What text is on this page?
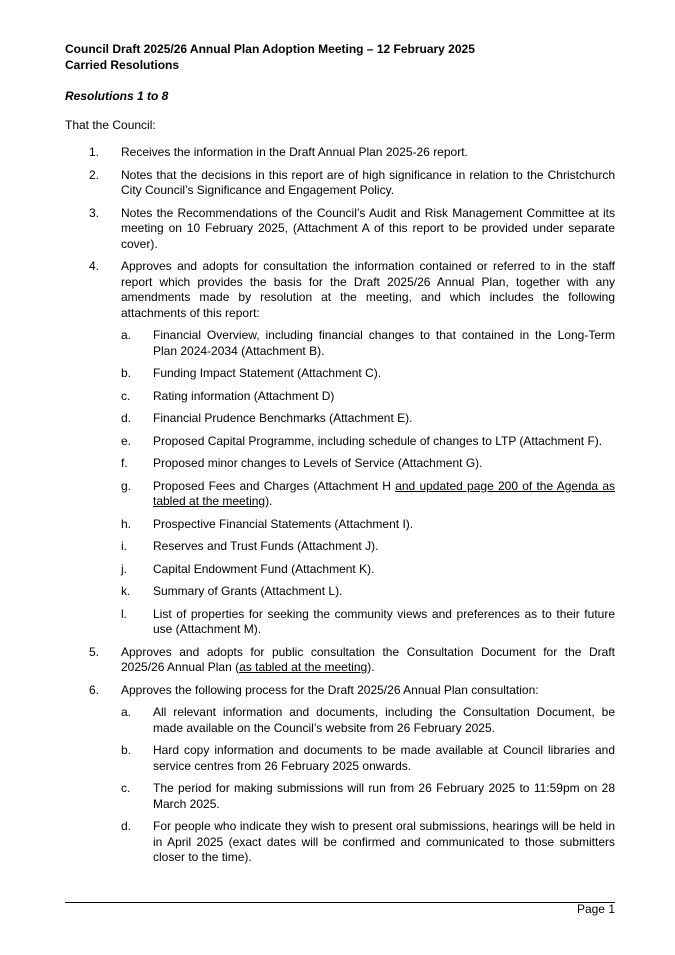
Council Draft 2025/26 Annual Plan Adoption Meeting – 12 February 2025
Carried Resolutions
Resolutions 1 to 8
That the Council:
1.	Receives the information in the Draft Annual Plan 2025-26 report.
2.	Notes that the decisions in this report are of high significance in relation to the Christchurch City Council’s Significance and Engagement Policy.
3.	Notes the Recommendations of the Council’s Audit and Risk Management Committee at its meeting on 10 February 2025, (Attachment A of this report to be provided under separate cover).
4.	Approves and adopts for consultation the information contained or referred to in the staff report which provides the basis for the Draft 2025/26 Annual Plan, together with any amendments made by resolution at the meeting, and which includes the following attachments of this report:
a.	Financial Overview, including financial changes to that contained in the Long-Term Plan 2024-2034 (Attachment B).
b.	Funding Impact Statement (Attachment C).
c.	Rating information (Attachment D)
d.	Financial Prudence Benchmarks (Attachment E).
e.	Proposed Capital Programme, including schedule of changes to LTP (Attachment F).
f.	Proposed minor changes to Levels of Service (Attachment G).
g.	Proposed Fees and Charges (Attachment H and updated page 200 of the Agenda as tabled at the meeting).
h.	Prospective Financial Statements (Attachment I).
i.	Reserves and Trust Funds (Attachment J).
j.	Capital Endowment Fund (Attachment K).
k.	Summary of Grants (Attachment L).
l.	List of properties for seeking the community views and preferences as to their future use (Attachment M).
5.	Approves and adopts for public consultation the Consultation Document for the Draft 2025/26 Annual Plan (as tabled at the meeting).
6.	Approves the following process for the Draft 2025/26 Annual Plan consultation:
a.	All relevant information and documents, including the Consultation Document, be made available on the Council’s website from 26 February 2025.
b.	Hard copy information and documents to be made available at Council libraries and service centres from 26 February 2025 onwards.
c.	The period for making submissions will run from 26 February 2025 to 11:59pm on 28 March 2025.
d.	For people who indicate they wish to present oral submissions, hearings will be held in in April 2025 (exact dates will be confirmed and communicated to those submitters closer to the time).
Page 1
